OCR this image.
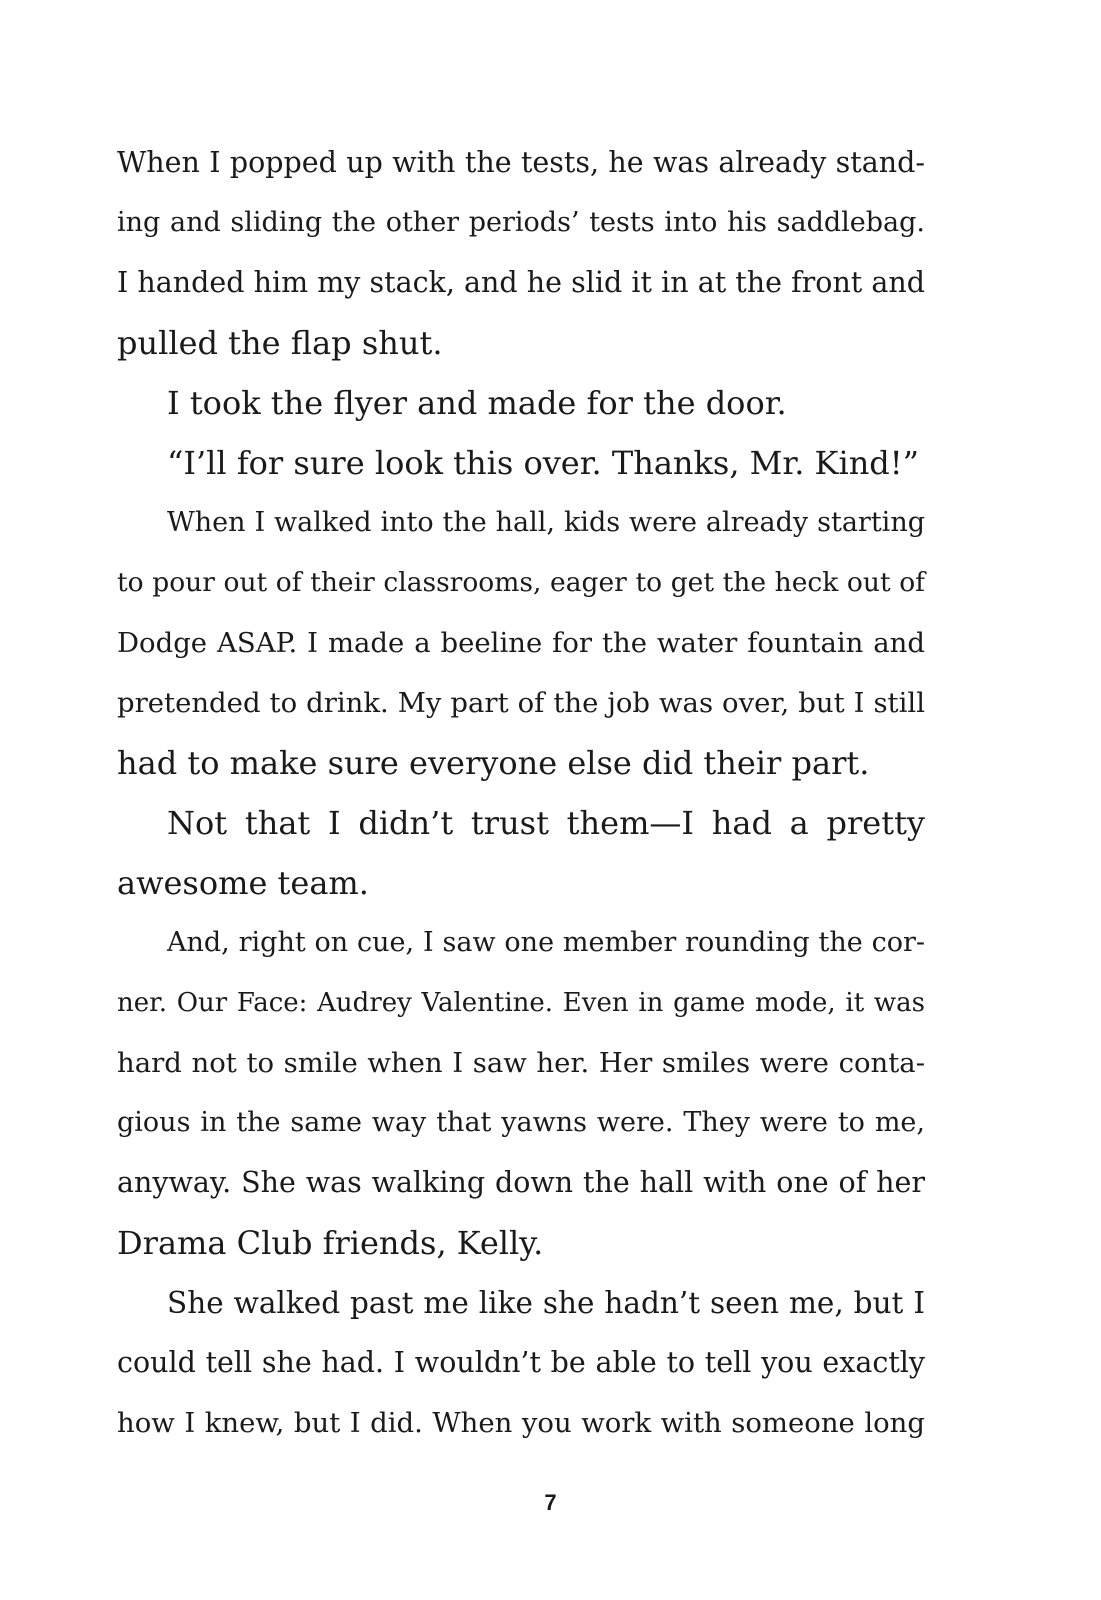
When I popped up with the tests, he was already stand-
ing and sliding the other periods’ tests into his saddlebag.
I handed him my stack, and he slid it in at the front and
pulled the flap shut.
I took the flyer and made for the door.
“I’ll for sure look this over. Thanks, Mr. Kind!”
When I walked into the hall, kids were already starting
to pour out of their classrooms, eager to get the heck out of
Dodge ASAP. I made a beeline for the water fountain and
pretended to drink. My part of the job was over, but I still
had to make sure everyone else did their part.
Not that I didn’t trust them—I had a pretty
awesome team.
And, right on cue, I saw one member rounding the cor-
ner. Our Face: Audrey Valentine. Even in game mode, it was
hard not to smile when I saw her. Her smiles were conta-
gious in the same way that yawns were. They were to me,
anyway. She was walking down the hall with one of her
Drama Club friends, Kelly.
She walked past me like she hadn’t seen me, but I
could tell she had. I wouldn’t be able to tell you exactly
how I knew, but I did. When you work with someone long
7
